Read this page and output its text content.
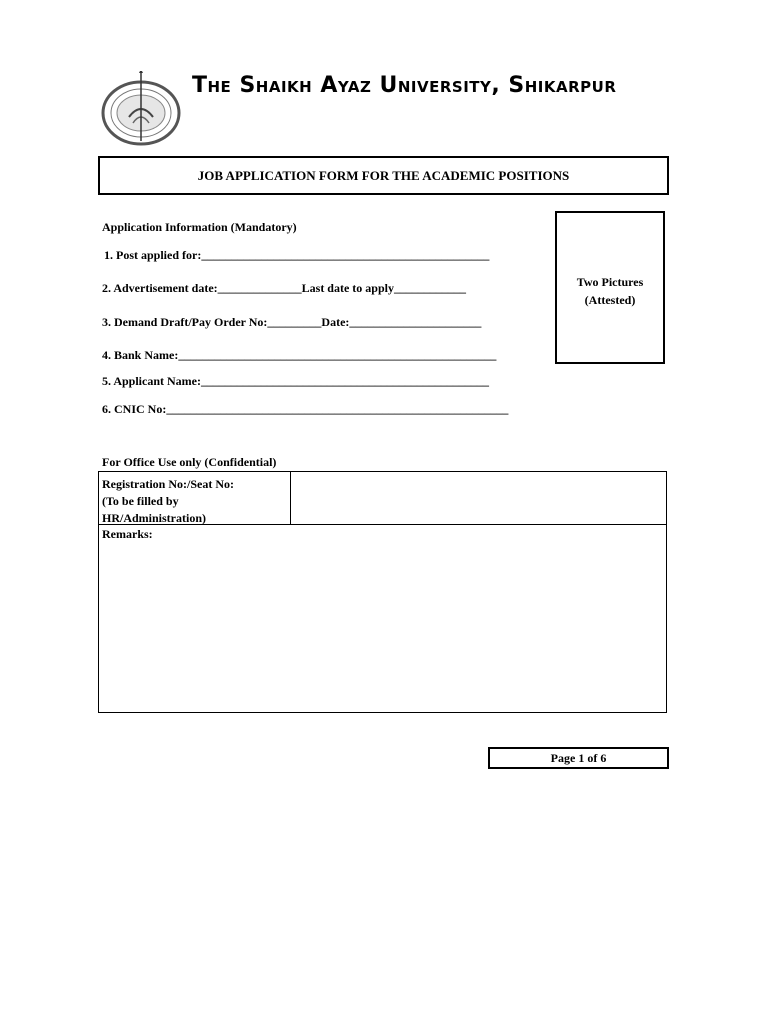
The Shaikh Ayaz University, Shikarpur
JOB APPLICATION FORM FOR THE ACADEMIC POSITIONS
Application Information (Mandatory)
1. Post applied for:________________________________________________
2. Advertisement date:______________Last date to apply____________
3. Demand Draft/Pay Order No:_________Date:______________________
4. Bank Name:_____________________________________________________
5. Applicant Name:________________________________________________
6. CNIC No:_________________________________________________________
Two Pictures
(Attested)
For Office Use only (Confidential)
Registration No:/Seat No:
(To be filled by
HR/Administration)
Remarks:
Page 1 of 6
